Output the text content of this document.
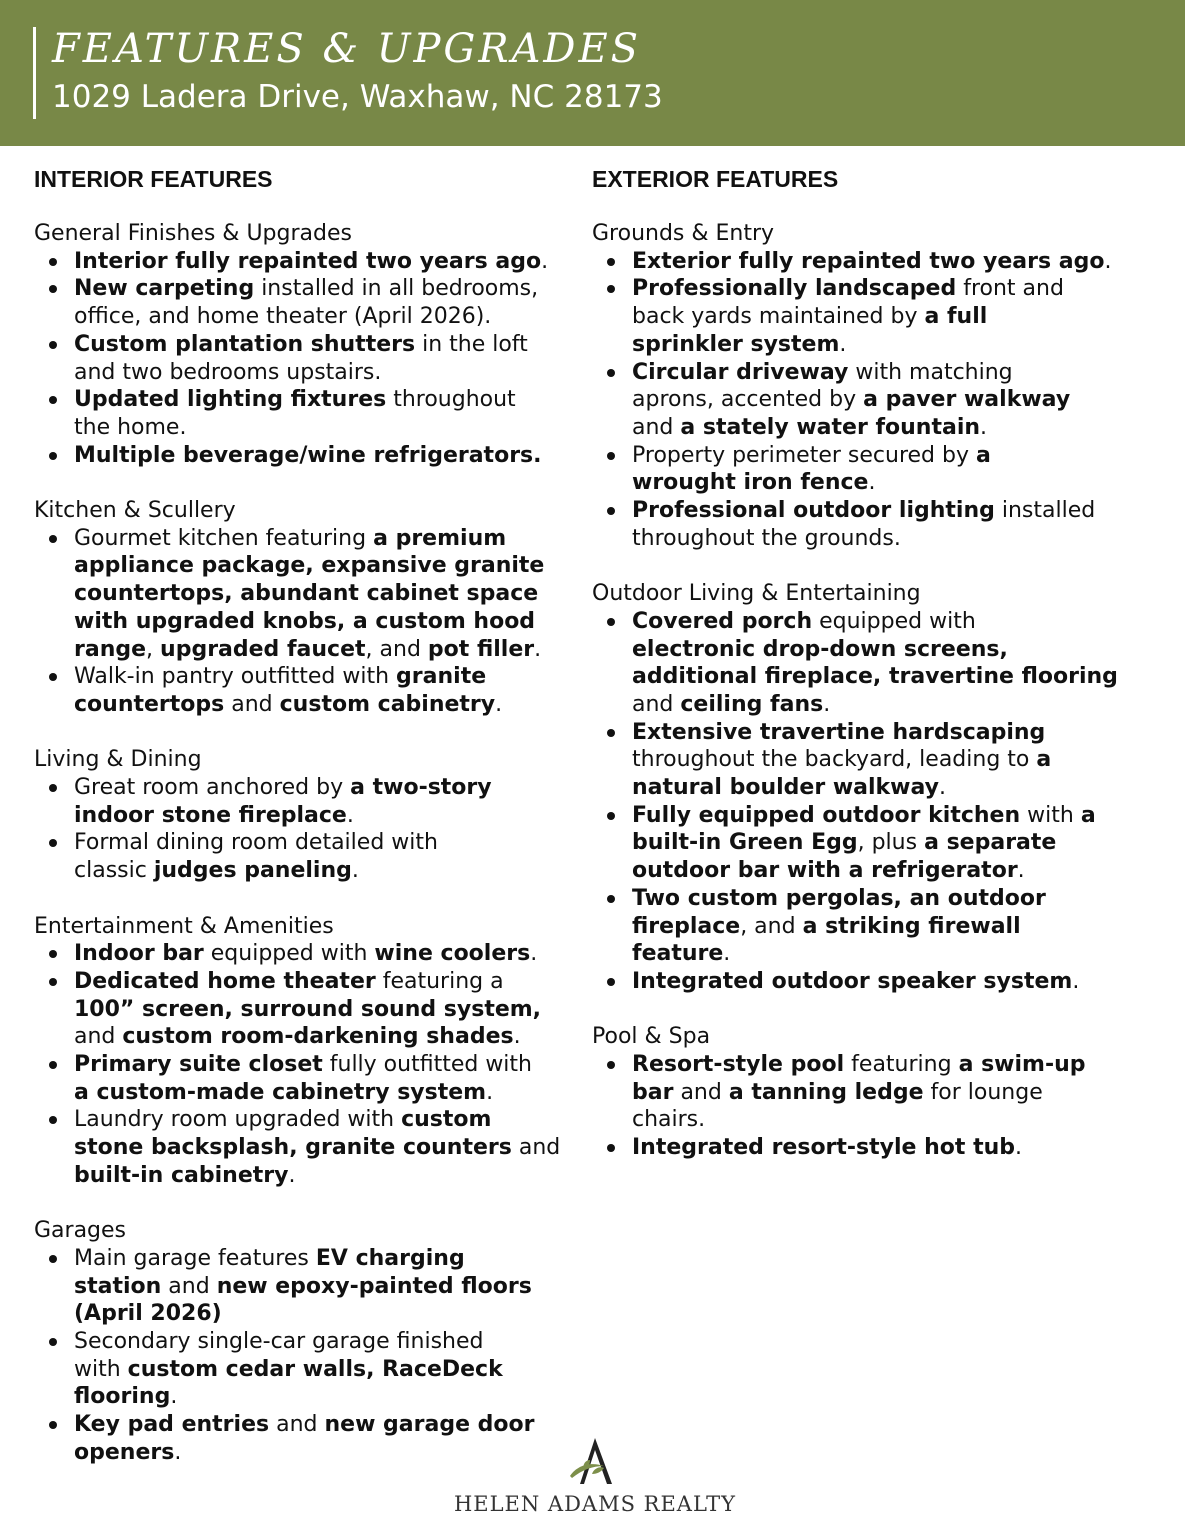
FEATURES & UPGRADES
1029 Ladera Drive, Waxhaw, NC 28173
INTERIOR FEATURES
General Finishes & Upgrades
Interior fully repainted two years ago.
New carpeting installed in all bedrooms,
office, and home theater (April 2026).
Custom plantation shutters in the loft
and two bedrooms upstairs.
Updated lighting fixtures throughout
the home.
Multiple beverage/wine refrigerators.
Kitchen & Scullery
Gourmet kitchen featuring a premium
appliance package, expansive granite
countertops, abundant cabinet space
with upgraded knobs, a custom hood
range, upgraded faucet, and pot filler.
Walk-in pantry outfitted with granite
countertops and custom cabinetry.
Living & Dining
Great room anchored by a two-story
indoor stone fireplace.
Formal dining room detailed with
classic judges paneling.
Entertainment & Amenities
Indoor bar equipped with wine coolers.
Dedicated home theater featuring a
100” screen, surround sound system,
and custom room-darkening shades.
Primary suite closet fully outfitted with
a custom-made cabinetry system.
Laundry room upgraded with custom
stone backsplash, granite counters and
built-in cabinetry.
Garages
Main garage features EV charging
station and new epoxy-painted floors
(April 2026)
Secondary single-car garage finished
with custom cedar walls, RaceDeck
flooring.
Key pad entries and new garage door
openers.
EXTERIOR FEATURES
Grounds & Entry
Exterior fully repainted two years ago.
Professionally landscaped front and
back yards maintained by a full
sprinkler system.
Circular driveway with matching
aprons, accented by a paver walkway
and a stately water fountain.
Property perimeter secured by a
wrought iron fence.
Professional outdoor lighting installed
throughout the grounds.
Outdoor Living & Entertaining
Covered porch equipped with
electronic drop-down screens,
additional fireplace, travertine flooring
and ceiling fans.
Extensive travertine hardscaping
throughout the backyard, leading to a
natural boulder walkway.
Fully equipped outdoor kitchen with a
built-in Green Egg, plus a separate
outdoor bar with a refrigerator.
Two custom pergolas, an outdoor
fireplace, and a striking firewall
feature.
Integrated outdoor speaker system.
Pool & Spa
Resort-style pool featuring a swim-up
bar and a tanning ledge for lounge
chairs.
Integrated resort-style hot tub.
HELEN ADAMS REALTY
